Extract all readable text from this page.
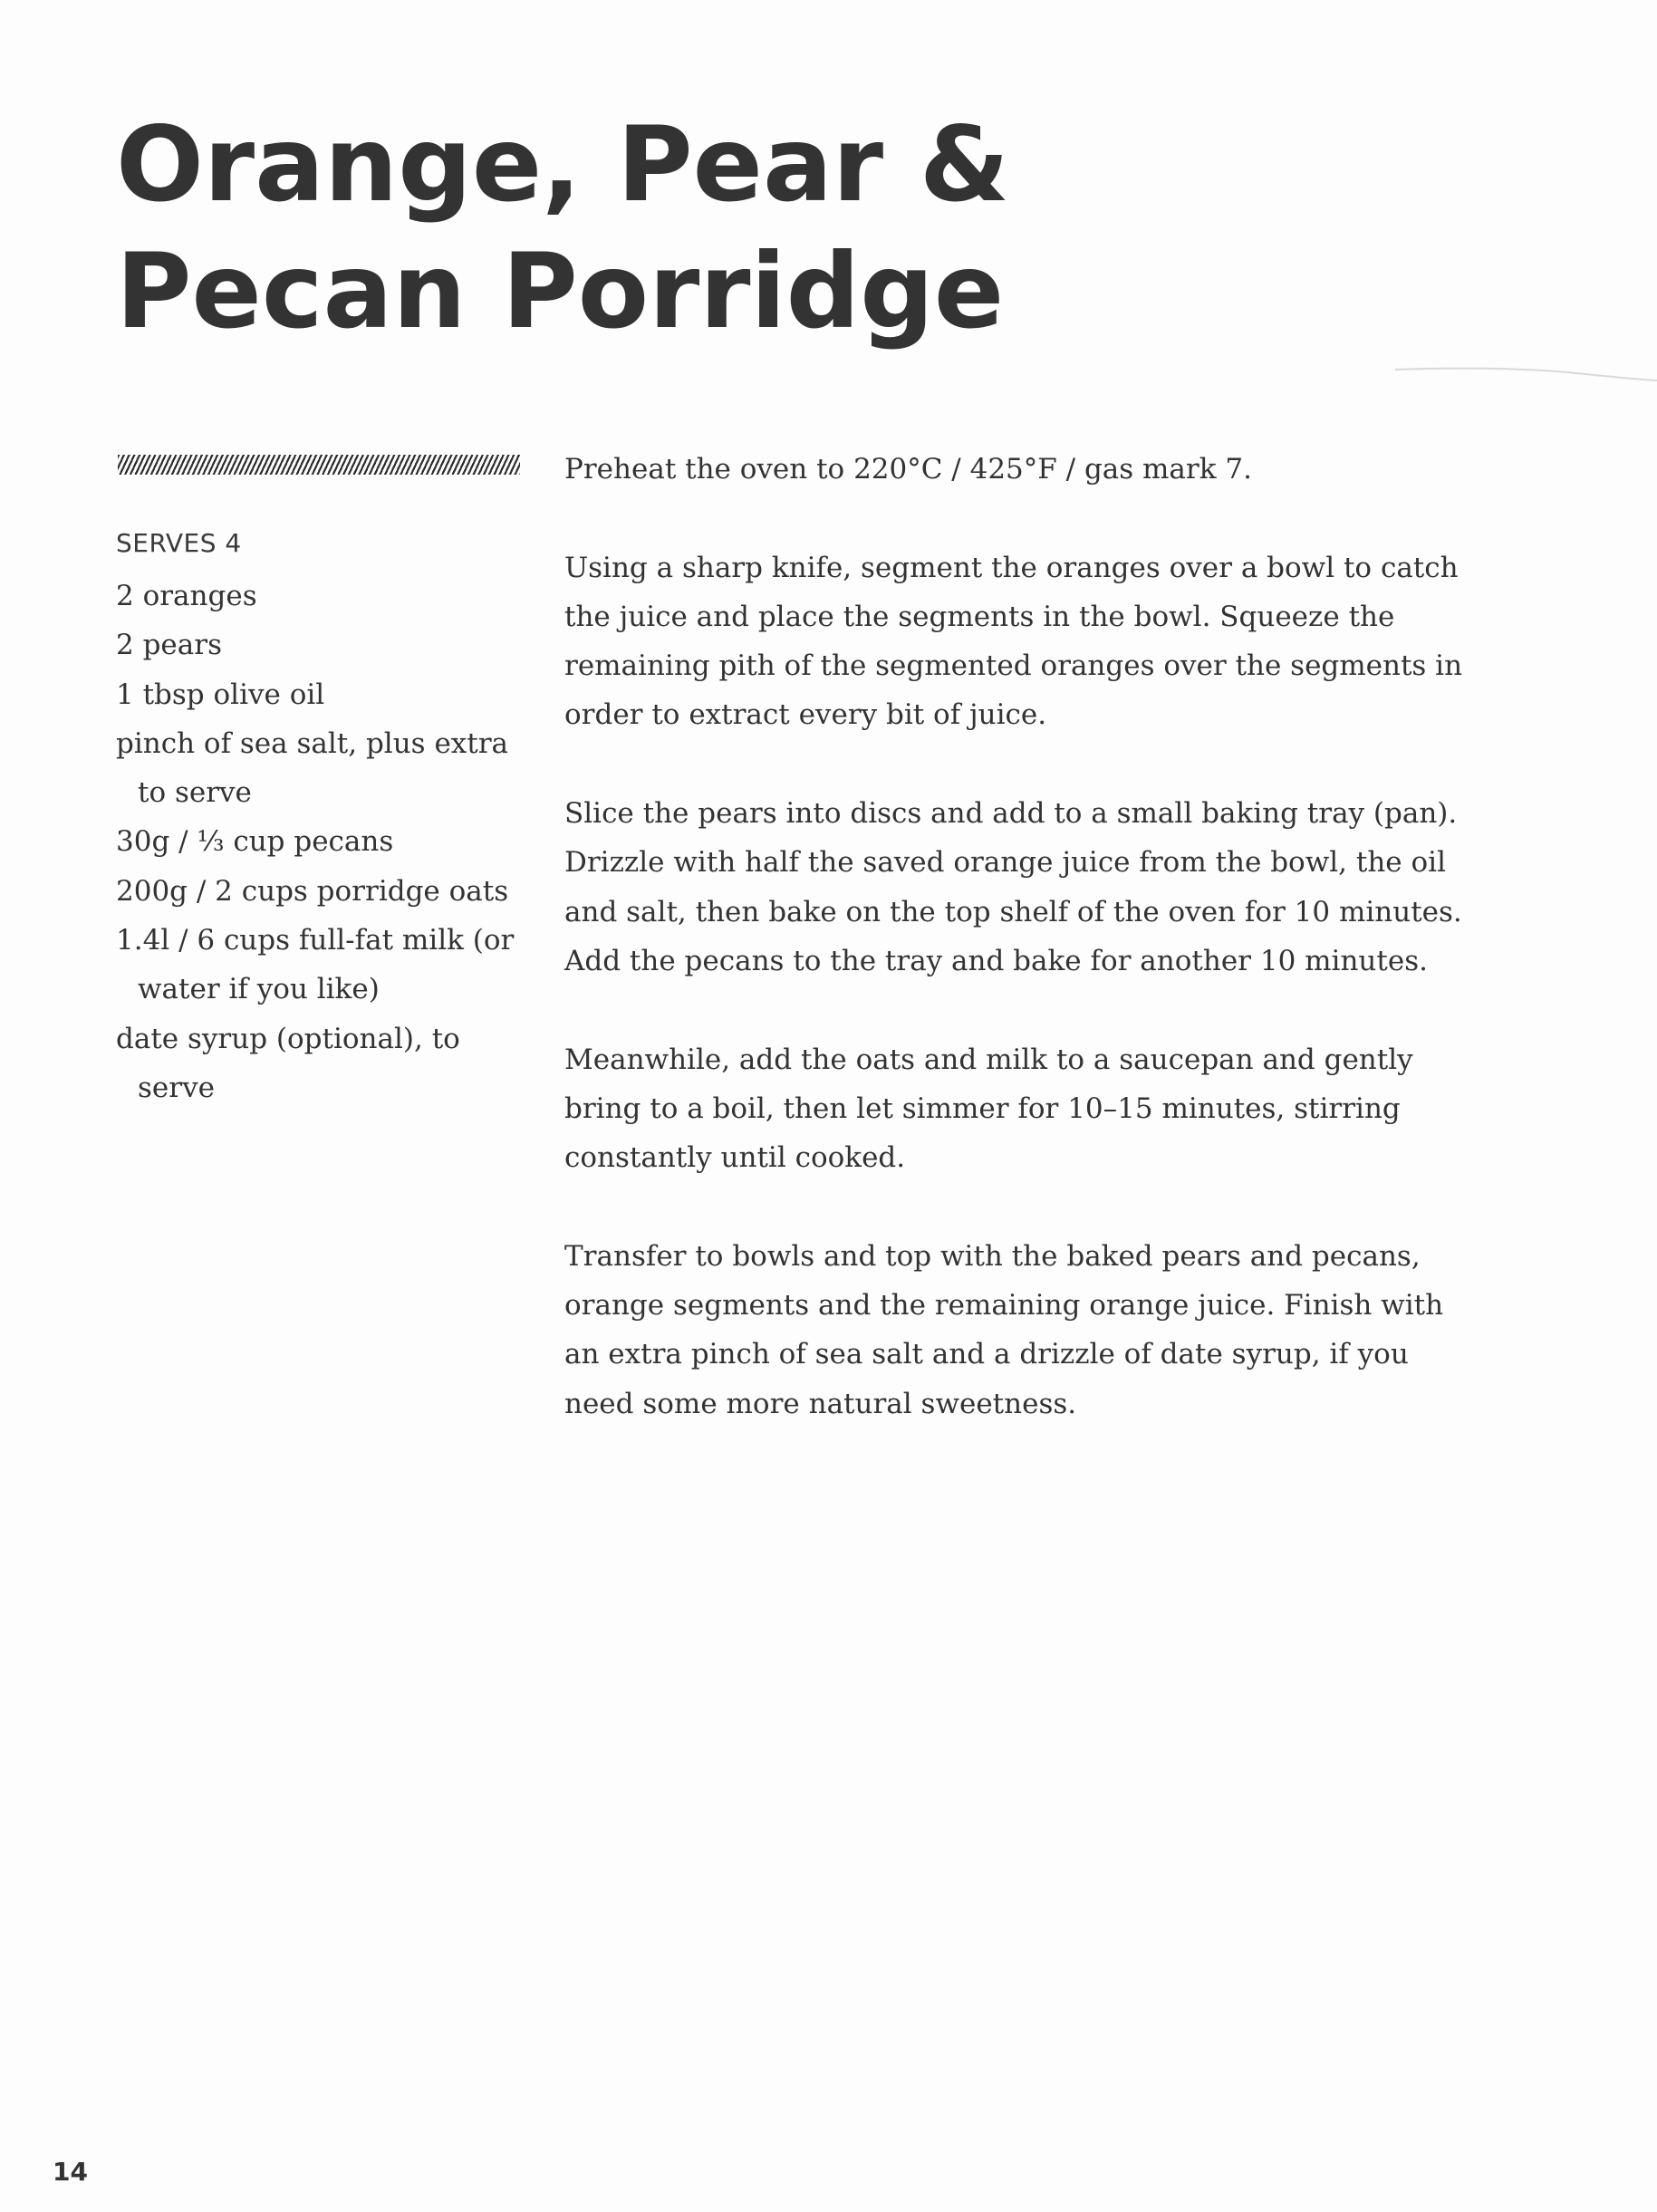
Orange, Pear &
Pecan Porridge
SERVES 4
2 oranges
2 pears
1 tbsp olive oil
pinch of sea salt, plus extra to serve
30g / ⅓ cup pecans
200g / 2 cups porridge oats
1.4l / 6 cups full-fat milk (or water if you like)
date syrup (optional), to serve

Preheat the oven to 220°C / 425°F / gas mark 7.

Using a sharp knife, segment the oranges over a bowl to catch the juice and place the segments in the bowl. Squeeze the remaining pith of the segmented oranges over the segments in order to extract every bit of juice.

Slice the pears into discs and add to a small baking tray (pan). Drizzle with half the saved orange juice from the bowl, the oil and salt, then bake on the top shelf of the oven for 10 minutes. Add the pecans to the tray and bake for another 10 minutes.

Meanwhile, add the oats and milk to a saucepan and gently bring to a boil, then let simmer for 10–15 minutes, stirring constantly until cooked.

Transfer to bowls and top with the baked pears and pecans, orange segments and the remaining orange juice. Finish with an extra pinch of sea salt and a drizzle of date syrup, if you need some more natural sweetness.

14
